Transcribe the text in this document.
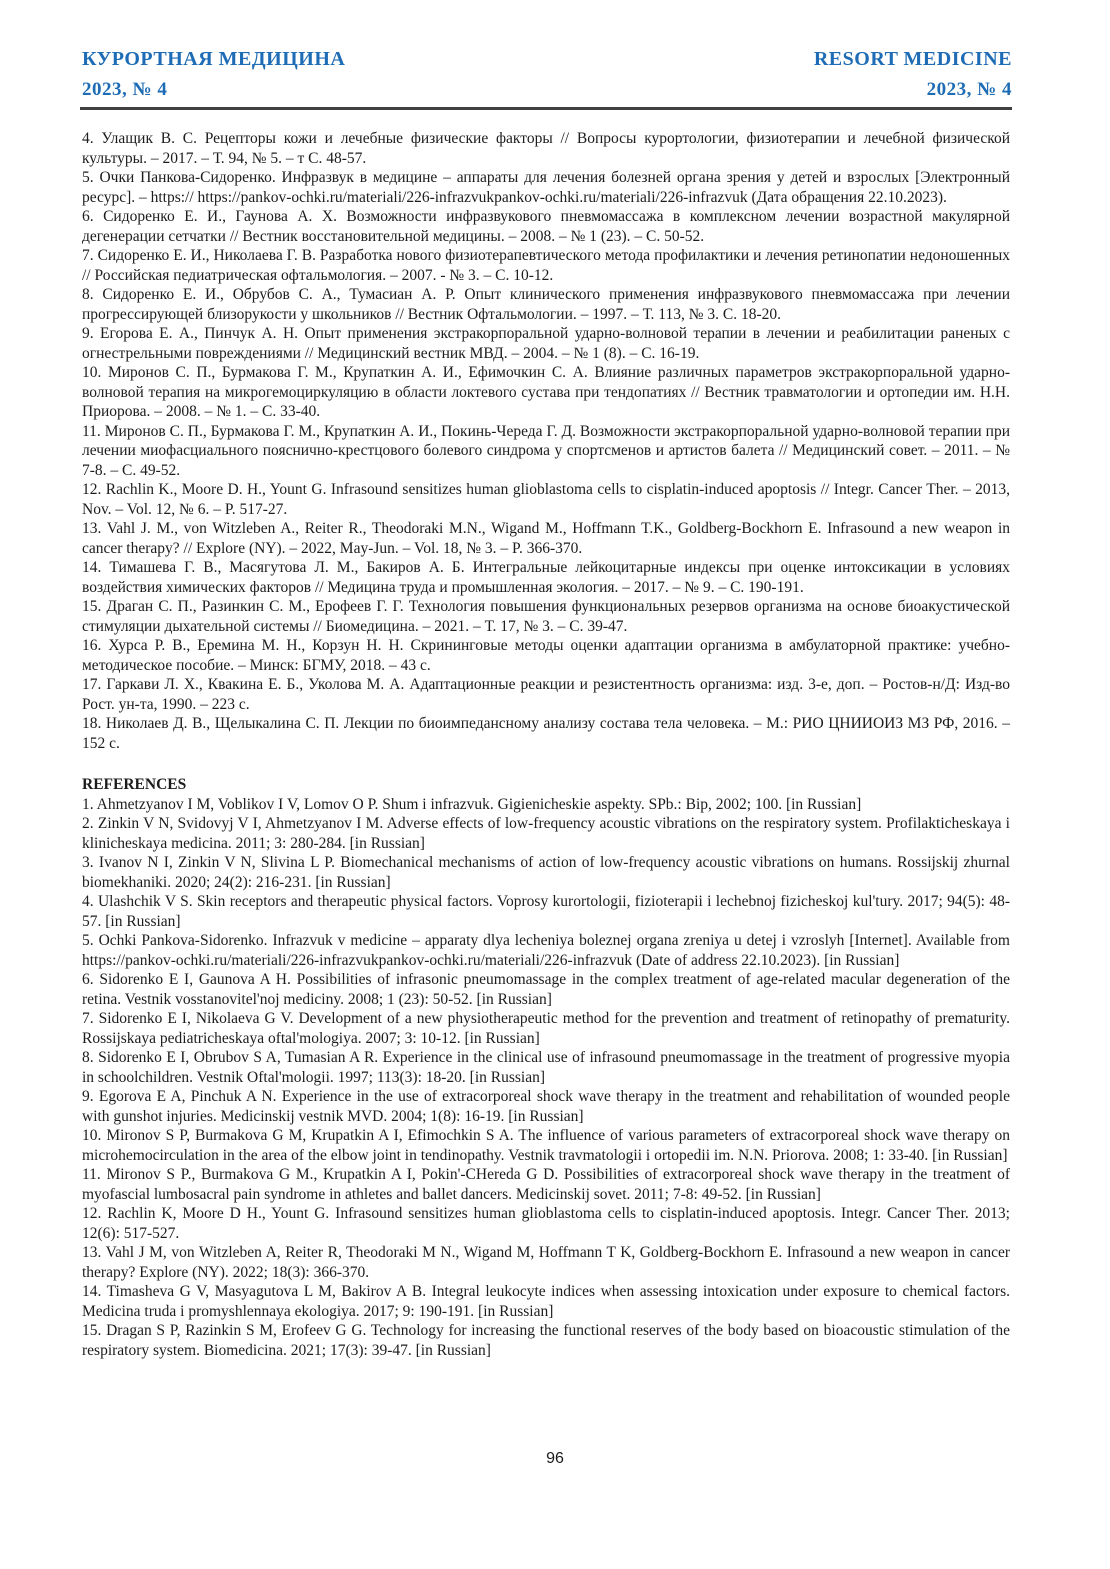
КУРОРТНАЯ МЕДИЦИНА
2023, № 4
RESORT MEDICINE
2023, № 4

4. Улащик В. С. Рецепторы кожи и лечебные физические факторы // Вопросы курортологии, физиотерапии и лечебной физической культуры. – 2017. – Т. 94, № 5. – т С. 48-57.

5. Очки Панкова-Сидоренко. Инфразвук в медицине – аппараты для лечения болезней органа зрения у детей и взрослых [Электронный ресурс]. – https:// https://pankov-ochki.ru/materiali/226-infrazvukpankov-ochki.ru/materiali/226-infrazvuk (Дата обращения 22.10.2023).

6. Сидоренко Е. И., Гаунова А. Х. Возможности инфразвукового пневмомассажа в комплексном лечении возрастной макулярной дегенерации сетчатки // Вестник восстановительной медицины. – 2008. – № 1 (23). – С. 50-52.

7. Сидоренко Е. И., Николаева Г. В. Разработка нового физиотерапевтического метода профилактики и лечения ретинопатии недоношенных // Российская педиатрическая офтальмология. – 2007. - № 3. – С. 10-12.

8. Сидоренко Е. И., Обрубов С. А., Тумасиан А. Р. Опыт клинического применения инфразвукового пневмомассажа при лечении прогрессирующей близорукости у школьников // Вестник Офтальмологии. – 1997. – Т. 113, № 3. С. 18-20.

9. Егорова Е. А., Пинчук А. Н. Опыт применения экстракорпоральной ударно-волновой терапии в лечении и реабилитации раненых с огнестрельными повреждениями // Медицинский вестник МВД. – 2004. – № 1 (8). – С. 16-19.

10. Миронов С. П., Бурмакова Г. М., Крупаткин А. И., Ефимочкин С. А. Влияние различных параметров экстракорпоральной ударно-волновой терапия на микрогемоциркуляцию в области локтевого сустава при тендопатиях // Вестник травматологии и ортопедии им. Н.Н. Приорова. – 2008. – № 1. – С. 33-40.

11. Миронов С. П., Бурмакова Г. М., Крупаткин А. И., Покинь-Череда Г. Д. Возможности экстракорпоральной ударно-волновой терапии при лечении миофасциального пояснично-крестцового болевого синдрома у спортсменов и артистов балета // Медицинский совет. – 2011. – № 7-8. – С. 49-52.

12. Rachlin K., Moore D. H., Yount G. Infrasound sensitizes human glioblastoma cells to cisplatin-induced apoptosis // Integr. Cancer Ther. – 2013, Nov. – Vol. 12, № 6. – P. 517-27.

13. Vahl J. M., von Witzleben A., Reiter R., Theodoraki M.N., Wigand M., Hoffmann T.K., Goldberg-Bockhorn E. Infrasound a new weapon in cancer therapy? // Explore (NY). – 2022, May-Jun. – Vol. 18, № 3. – P. 366-370.

14. Тимашева Г. В., Масягутова Л. М., Бакиров А. Б. Интегральные лейкоцитарные индексы при оценке интоксикации в условиях воздействия химических факторов // Медицина труда и промышленная экология. – 2017. – № 9. – С. 190-191.

15. Драган С. П., Разинкин С. М., Ерофеев Г. Г. Технология повышения функциональных резервов организма на основе биоакустической стимуляции дыхательной системы // Биомедицина. – 2021. – Т. 17, № 3. – С. 39-47.

16. Хурса Р. В., Еремина М. Н., Корзун Н. Н. Скрининговые методы оценки адаптации организма в амбулаторной практике: учебно-методическое пособие. – Минск: БГМУ, 2018. – 43 с.

17. Гаркави Л. Х., Квакина Е. Б., Уколова М. А. Адаптационные реакции и резистентность организма: изд. 3-е, доп. – Ростов-н/Д: Изд-во Рост. ун-та, 1990. – 223 с.

18. Николаев Д. В., Щелыкалина С. П. Лекции по биоимпедансному анализу состава тела человека. – М.: РИО ЦНИИОИЗ МЗ РФ, 2016. – 152 с.

REFERENCES

1. Ahmetzyanov I M, Voblikov I V, Lomov O P. Shum i infrazvuk. Gigienicheskie aspekty. SPb.: Bip, 2002; 100. [in Russian]

2. Zinkin V N, Svidovyj V I, Ahmetzyanov I M. Adverse effects of low-frequency acoustic vibrations on the respiratory system. Profilakticheskaya i klinicheskaya medicina. 2011; 3: 280-284. [in Russian]

3. Ivanov N I, Zinkin V N, Slivina L P. Biomechanical mechanisms of action of low-frequency acoustic vibrations on humans. Rossijskij zhurnal biomekhaniki. 2020; 24(2): 216-231. [in Russian]

4. Ulashchik V S. Skin receptors and therapeutic physical factors. Voprosy kurortologii, fizioterapii i lechebnoj fizicheskoj kul'tury. 2017; 94(5): 48-57. [in Russian]

5. Ochki Pankova-Sidorenko. Infrazvuk v medicine – apparaty dlya lecheniya boleznej organa zreniya u detej i vzroslyh [Internet]. Available from https://pankov-ochki.ru/materiali/226-infrazvukpankov-ochki.ru/materiali/226-infrazvuk (Date of address 22.10.2023). [in Russian]

6. Sidorenko E I, Gaunova A H. Possibilities of infrasonic pneumomassage in the complex treatment of age-related macular degeneration of the retina. Vestnik vosstanovitel'noj mediciny. 2008; 1 (23): 50-52. [in Russian]

7. Sidorenko E I, Nikolaeva G V. Development of a new physiotherapeutic method for the prevention and treatment of retinopathy of prematurity. Rossijskaya pediatricheskaya oftal'mologiya. 2007; 3: 10-12. [in Russian]

8. Sidorenko E I, Obrubov S A, Tumasian A R. Experience in the clinical use of infrasound pneumomassage in the treatment of progressive myopia in schoolchildren. Vestnik Oftal'mologii. 1997; 113(3): 18-20. [in Russian]

9. Egorova E A, Pinchuk A N. Experience in the use of extracorporeal shock wave therapy in the treatment and rehabilitation of wounded people with gunshot injuries. Medicinskij vestnik MVD. 2004; 1(8): 16-19. [in Russian]

10. Mironov S P, Burmakova G M, Krupatkin A I, Efimochkin S A. The influence of various parameters of extracorporeal shock wave therapy on microhemocirculation in the area of the elbow joint in tendinopathy. Vestnik travmatologii i ortopedii im. N.N. Priorova. 2008; 1: 33-40. [in Russian]

11. Mironov S P., Burmakova G M., Krupatkin A I, Pokin'-CHereda G D. Possibilities of extracorporeal shock wave therapy in the treatment of myofascial lumbosacral pain syndrome in athletes and ballet dancers. Medicinskij sovet. 2011; 7-8: 49-52. [in Russian]

12. Rachlin K, Moore D H., Yount G. Infrasound sensitizes human glioblastoma cells to cisplatin-induced apoptosis. Integr. Cancer Ther. 2013; 12(6): 517-527.

13. Vahl J M, von Witzleben A, Reiter R, Theodoraki M N., Wigand M, Hoffmann T K, Goldberg-Bockhorn E. Infrasound a new weapon in cancer therapy? Explore (NY). 2022; 18(3): 366-370.

14. Timasheva G V, Masyagutova L M, Bakirov A B. Integral leukocyte indices when assessing intoxication under exposure to chemical factors. Medicina truda i promyshlennaya ekologiya. 2017; 9: 190-191. [in Russian]

15. Dragan S P, Razinkin S M, Erofeev G G. Technology for increasing the functional reserves of the body based on bioacoustic stimulation of the respiratory system. Biomedicina. 2021; 17(3): 39-47. [in Russian]

96
